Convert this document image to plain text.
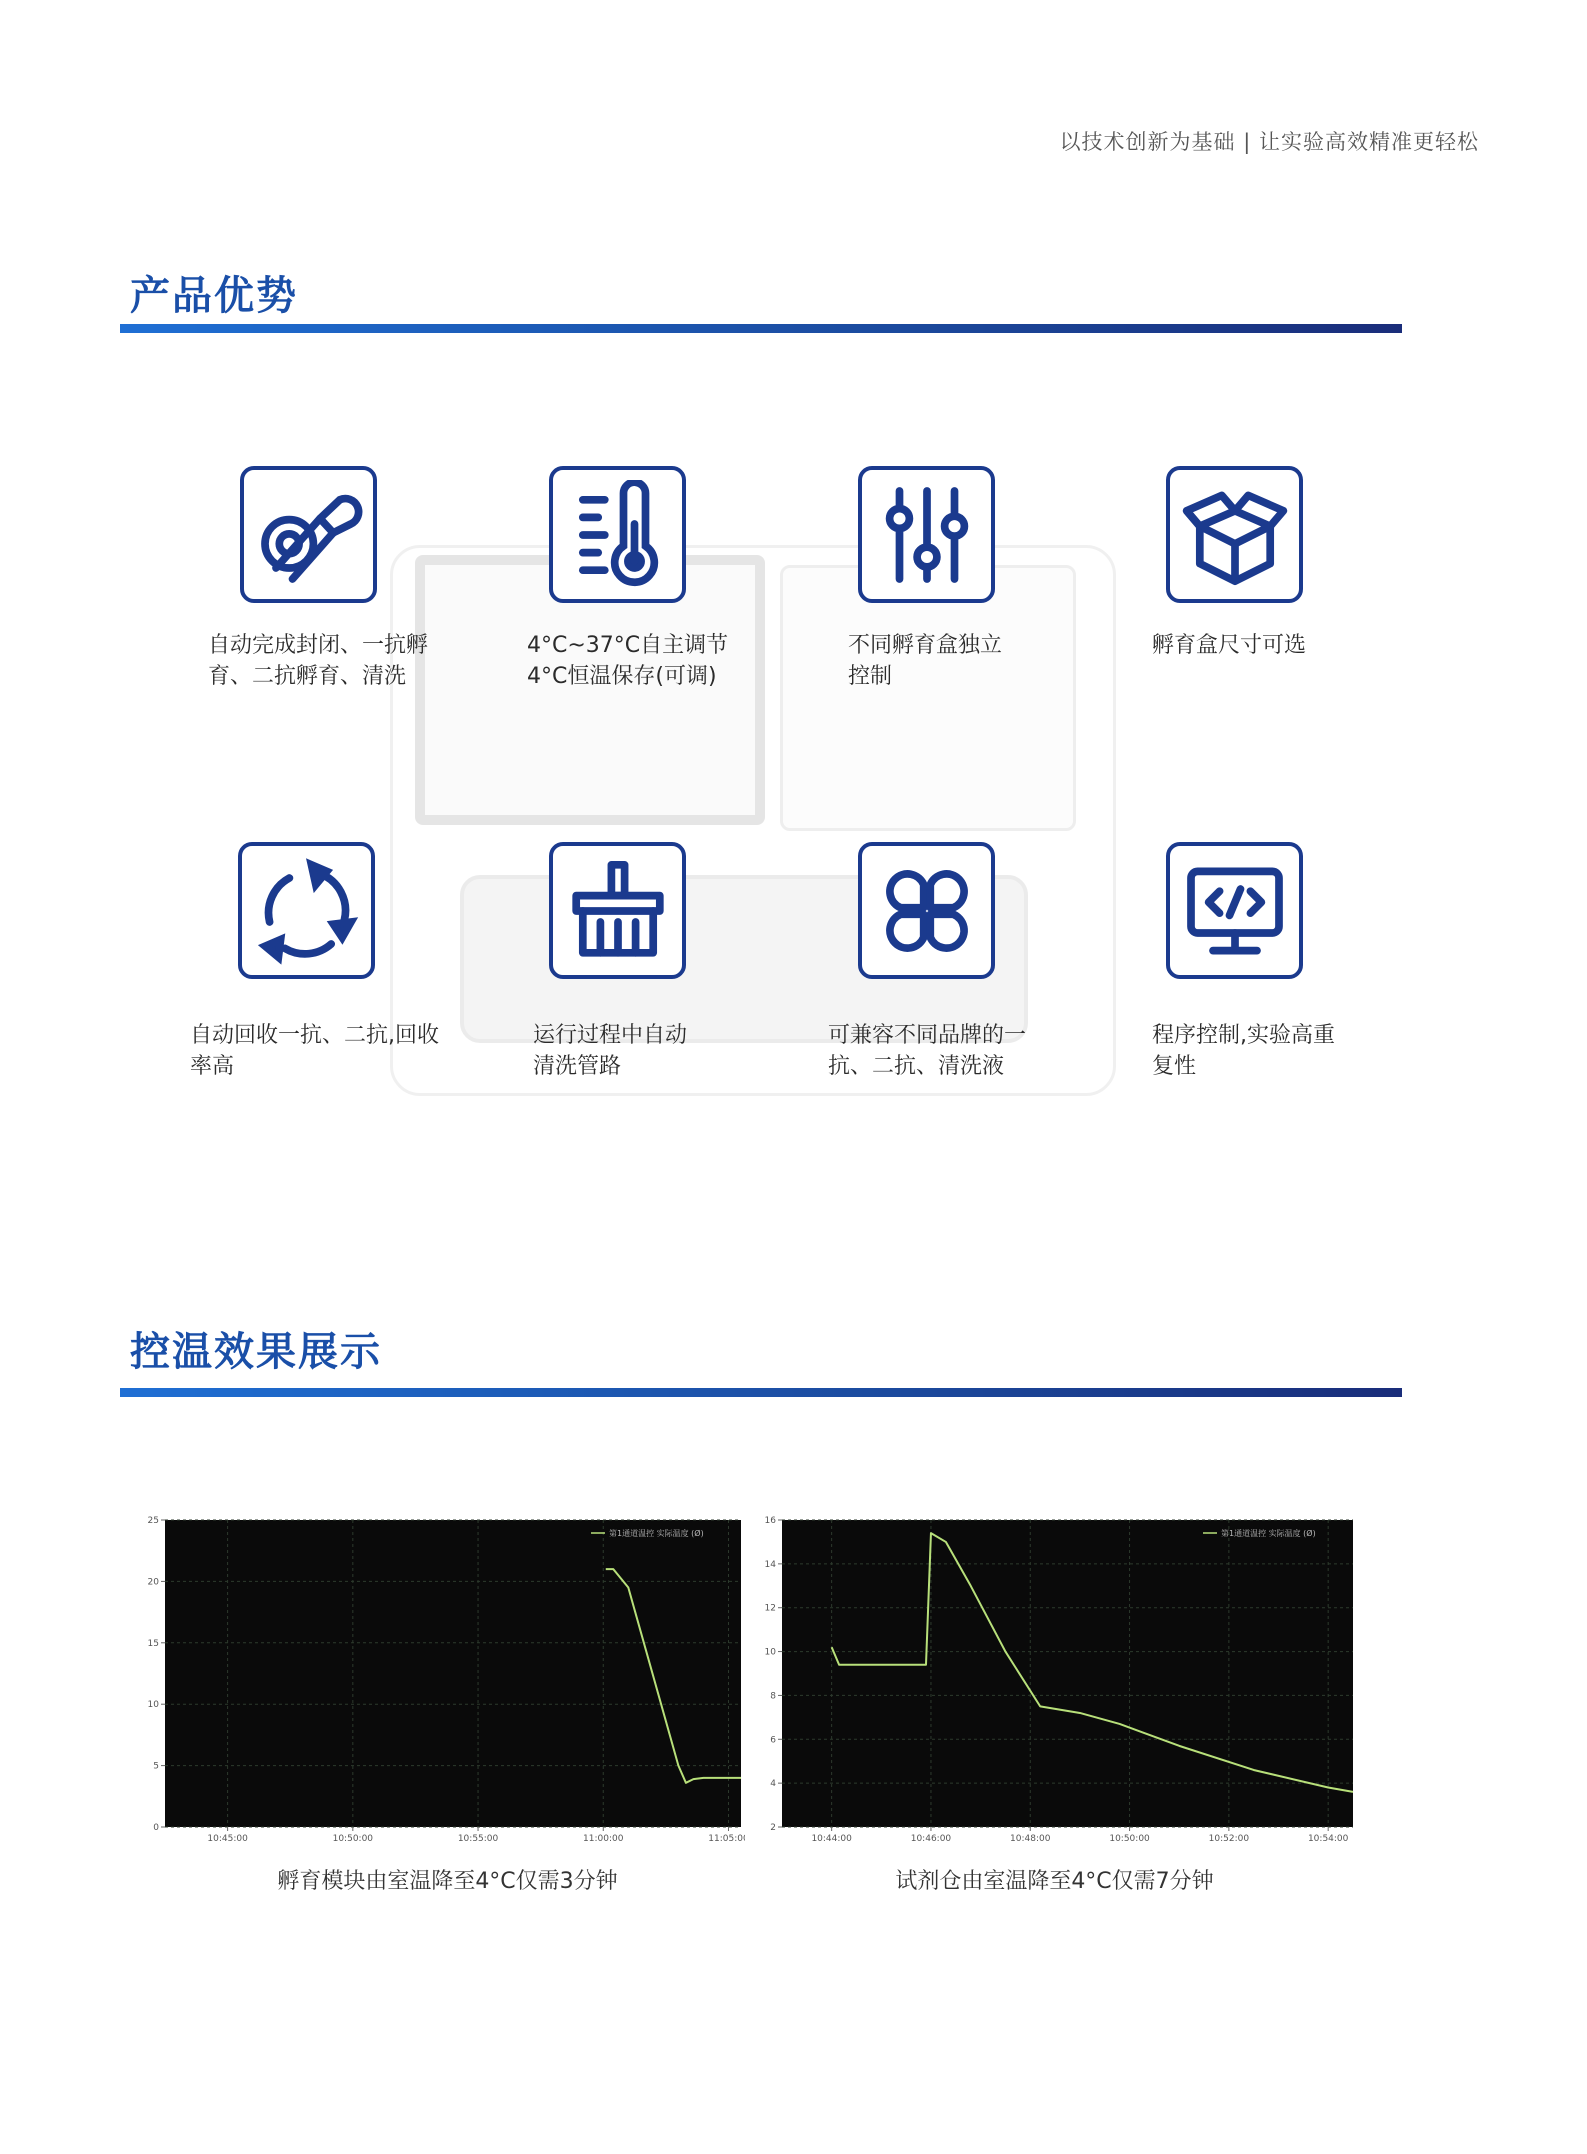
以技术创新为基础 | 让实验高效精准更轻松
产品优势
自动完成封闭、一抗孵
育、二抗孵育、清洗
4°C~37°C自主调节
4°C恒温保存(可调)
不同孵育盒独立
控制
孵育盒尺寸可选
自动回收一抗、二抗,回收
率高
运行过程中自动
清洗管路
可兼容不同品牌的一
抗、二抗、清洗液
程序控制,实验高重
复性
控温效果展示
0
5
10
15
20
25
10:45:00	10:50:00	10:55:00	11:00:00	11:05:00
第1通道温控 实际温度 (Ø)
孵育模块由室温降至4°C仅需3分钟
2
4
6
8
10
12
14
16
10:44:00	10:46:00	10:48:00	10:50:00	10:52:00	10:54:00
第1通道温控 实际温度 (Ø)
试剂仓由室温降至4°C仅需7分钟
